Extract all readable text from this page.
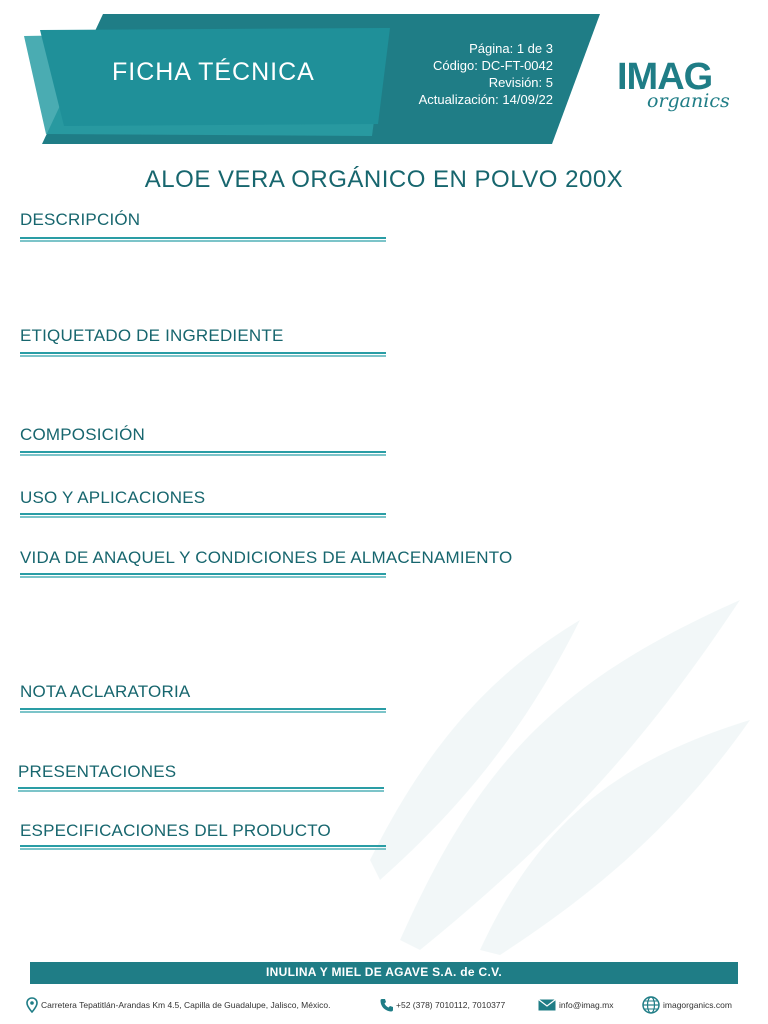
FICHA TÉCNICA
Página: 1 de 3
Código: DC-FT-0042
Revisión: 5
Actualización: 14/09/22
IMAG
organics
ALOE VERA ORGÁNICO EN POLVO 200X
DESCRIPCIÓN
ETIQUETADO DE INGREDIENTE
COMPOSICIÓN
USO Y APLICACIONES
VIDA DE ANAQUEL Y CONDICIONES DE ALMACENAMIENTO
NOTA ACLARATORIA
PRESENTACIONES
ESPECIFICACIONES DEL PRODUCTO
INULINA Y MIEL DE AGAVE S.A. de C.V.
Carretera Tepatitlán-Arandas Km 4.5, Capilla de Guadalupe, Jalisco, México.	+52 (378) 7010112, 7010377	info@imag.mx	imagorganics.com
